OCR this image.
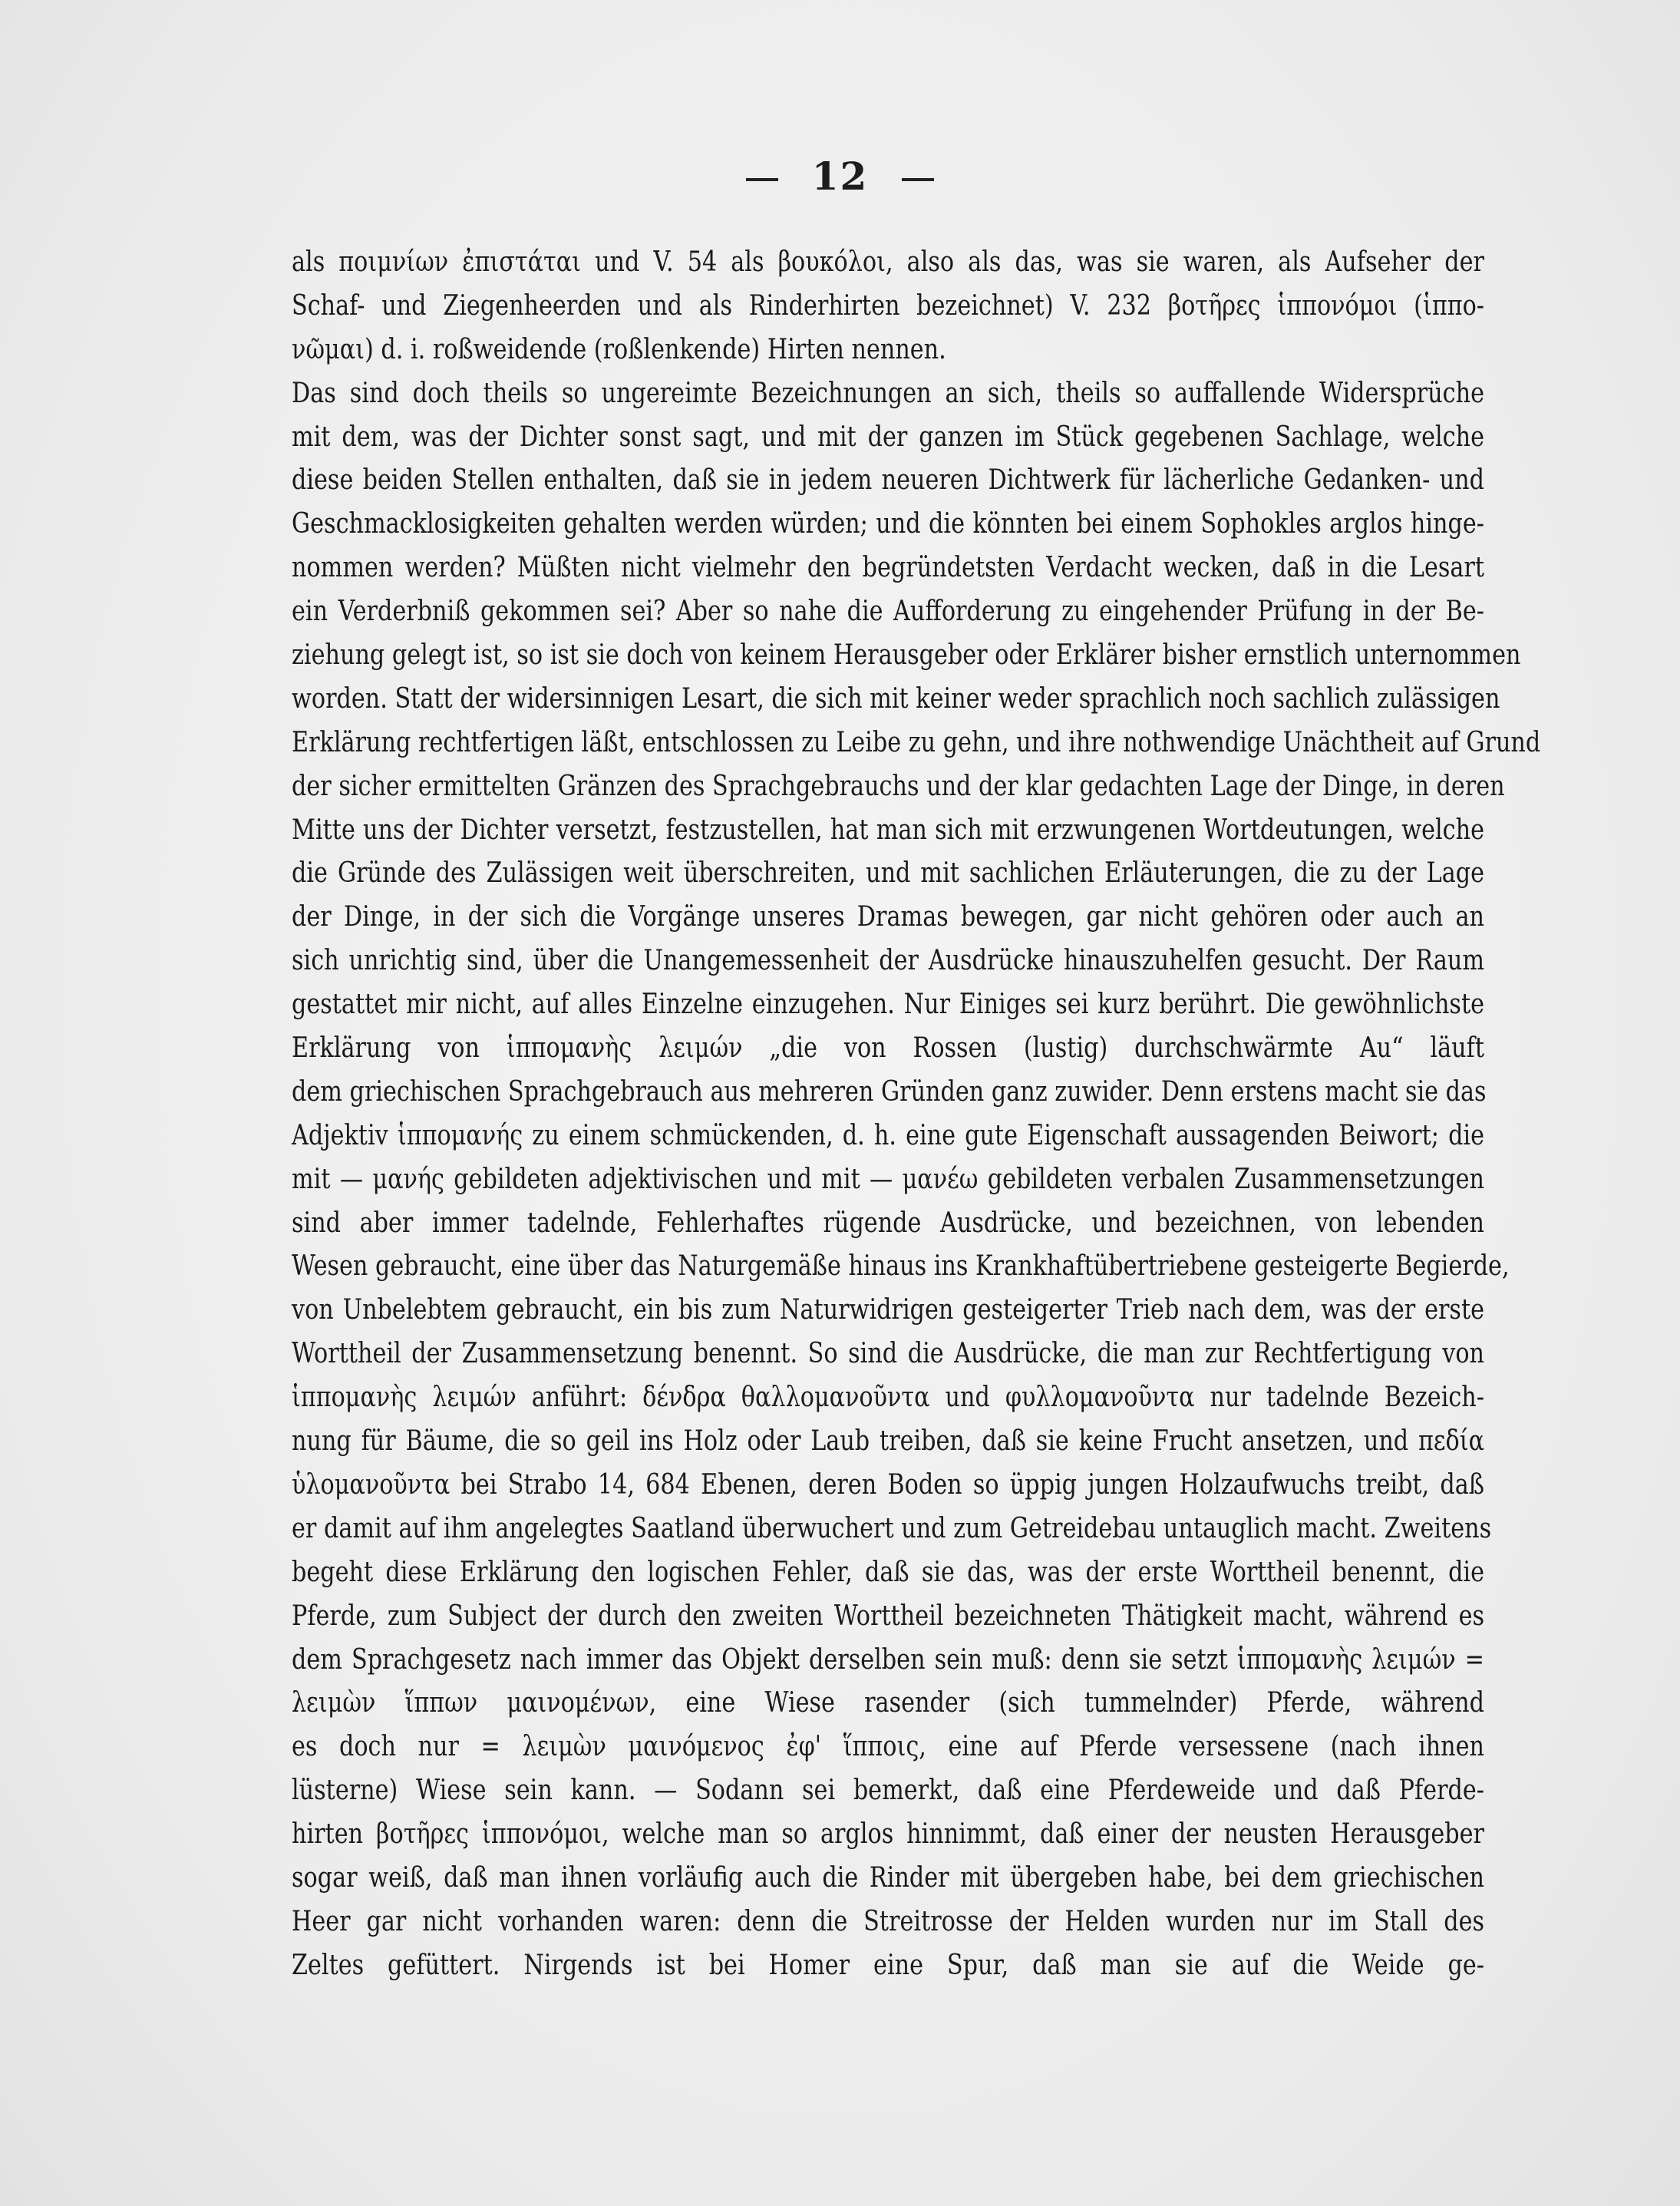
12
als ποιμνίων ἐπιστάται und V. 54 als βουκόλοι, also als das, was sie waren, als Aufseher der
Schaf- und Ziegenheerden und als Rinderhirten bezeichnet) V. 232 βοτῆρες ἱππονόμοι (ἱππο-
νῶμαι) d. i. roßweidende (roßlenkende) Hirten nennen.
Das sind doch theils so ungereimte Bezeichnungen an sich, theils so auffallende Widersprüche
mit dem, was der Dichter sonst sagt, und mit der ganzen im Stück gegebenen Sachlage, welche
diese beiden Stellen enthalten, daß sie in jedem neueren Dichtwerk für lächerliche Gedanken- und
Geschmacklosigkeiten gehalten werden würden; und die könnten bei einem Sophokles arglos hinge-
nommen werden? Müßten nicht vielmehr den begründetsten Verdacht wecken, daß in die Lesart
ein Verderbniß gekommen sei? Aber so nahe die Aufforderung zu eingehender Prüfung in der Be-
ziehung gelegt ist, so ist sie doch von keinem Herausgeber oder Erklärer bisher ernstlich unternommen
worden. Statt der widersinnigen Lesart, die sich mit keiner weder sprachlich noch sachlich zulässigen
Erklärung rechtfertigen läßt, entschlossen zu Leibe zu gehn, und ihre nothwendige Unächtheit auf Grund
der sicher ermittelten Gränzen des Sprachgebrauchs und der klar gedachten Lage der Dinge, in deren
Mitte uns der Dichter versetzt, festzustellen, hat man sich mit erzwungenen Wortdeutungen, welche
die Gründe des Zulässigen weit überschreiten, und mit sachlichen Erläuterungen, die zu der Lage
der Dinge, in der sich die Vorgänge unseres Dramas bewegen, gar nicht gehören oder auch an
sich unrichtig sind, über die Unangemessenheit der Ausdrücke hinauszuhelfen gesucht. Der Raum
gestattet mir nicht, auf alles Einzelne einzugehen. Nur Einiges sei kurz berührt. Die gewöhnlichste
Erklärung von ἱππομανὴς λειμών „die von Rossen (lustig) durchschwärmte Au“ läuft
dem griechischen Sprachgebrauch aus mehreren Gründen ganz zuwider. Denn erstens macht sie das
Adjektiv ἱππομανής zu einem schmückenden, d. h. eine gute Eigenschaft aussagenden Beiwort; die
mit — μανής gebildeten adjektivischen und mit — μανέω gebildeten verbalen Zusammensetzungen
sind aber immer tadelnde, Fehlerhaftes rügende Ausdrücke, und bezeichnen, von lebenden
Wesen gebraucht, eine über das Naturgemäße hinaus ins Krankhaftübertriebene gesteigerte Begierde,
von Unbelebtem gebraucht, ein bis zum Naturwidrigen gesteigerter Trieb nach dem, was der erste
Worttheil der Zusammensetzung benennt. So sind die Ausdrücke, die man zur Rechtfertigung von
ἱππομανὴς λειμών anführt: δένδρα θαλλομανοῦντα und φυλλομανοῦντα nur tadelnde Bezeich-
nung für Bäume, die so geil ins Holz oder Laub treiben, daß sie keine Frucht ansetzen, und πεδία
ὑλομανοῦντα bei Strabo 14, 684 Ebenen, deren Boden so üppig jungen Holzaufwuchs treibt, daß
er damit auf ihm angelegtes Saatland überwuchert und zum Getreidebau untauglich macht. Zweitens
begeht diese Erklärung den logischen Fehler, daß sie das, was der erste Worttheil benennt, die
Pferde, zum Subject der durch den zweiten Worttheil bezeichneten Thätigkeit macht, während es
dem Sprachgesetz nach immer das Objekt derselben sein muß: denn sie setzt ἱππομανὴς λειμών =
λειμὼν ἵππων μαινομένων, eine Wiese rasender (sich tummelnder) Pferde, während
es doch nur = λειμὼν μαινόμενος ἐφ' ἵπποις, eine auf Pferde versessene (nach ihnen
lüsterne) Wiese sein kann. — Sodann sei bemerkt, daß eine Pferdeweide und daß Pferde-
hirten βοτῆρες ἱππονόμοι, welche man so arglos hinnimmt, daß einer der neusten Herausgeber
sogar weiß, daß man ihnen vorläufig auch die Rinder mit übergeben habe, bei dem griechischen
Heer gar nicht vorhanden waren: denn die Streitrosse der Helden wurden nur im Stall des
Zeltes gefüttert. Nirgends ist bei Homer eine Spur, daß man sie auf die Weide ge-
